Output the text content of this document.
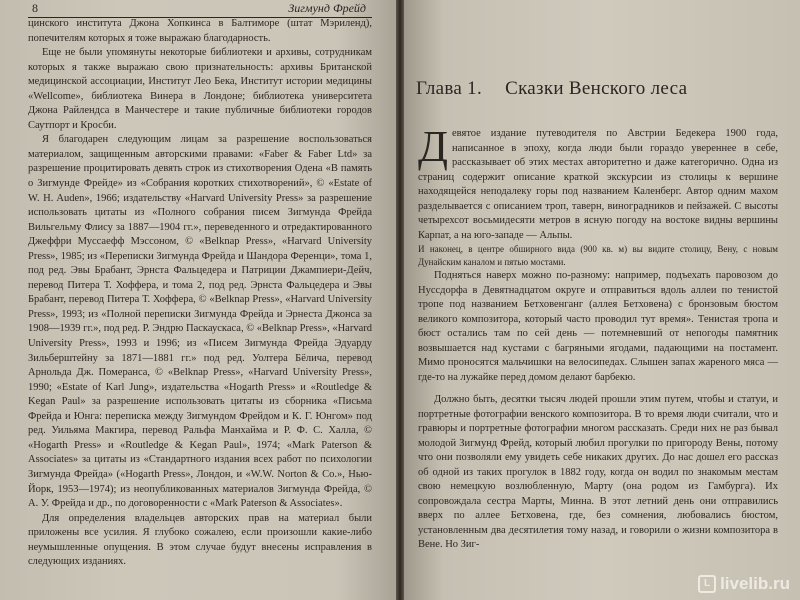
8	Зигмунд Фрейд

цинского института Джона Хопкинса в Балтиморе (штат Мэриленд), попечителям которых я тоже выражаю благодарность.

Еще не были упомянуты некоторые библиотеки и архивы, сотрудникам которых я также выражаю свою признательность: архивы Британской медицинской ассоциации, Институт Лео Бека, Институт истории медицины «Wellcome», библиотека Винера в Лондоне; библиотека университета Джона Райлендса в Манчестере и такие публичные библиотеки городов Саутпорт и Кросби.

Я благодарен следующим лицам за разрешение воспользоваться материалом, защищенным авторскими правами: «Faber & Faber Ltd» за разрешение процитировать девять строк из стихотворения Одена «В память о Зигмунде Фрейде» из «Собрания коротких стихотворений», © «Estate of W. H. Auden», 1966; издательству «Harvard University Press» за разрешение использовать цитаты из «Полного собрания писем Зигмунда Фрейда Вильгельму Флису за 1887—1904 гг.», переведенного и отредактированного Джеффри Муссаефф Мэссоном, © «Belknap Press», «Harvard University Press», 1985; из «Переписки Зигмунда Фрейда и Шандора Ференци», тома 1, под ред. Эвы Брабант, Эрнста Фальцедера и Патриции Джампиери-Дейч, перевод Питера Т. Хоффера, и тома 2, под ред. Эрнста Фальцедера и Эвы Брабант, перевод Питера Т. Хоффера, © «Belknap Press», «Harvard University Press», 1993; из «Полной переписки Зигмунда Фрейда и Эрнеста Джонса за 1908—1939 гг.», под ред. Р. Эндрю Паскаускаса, © «Belknap Press», «Harvard University Press», 1993 и 1996; из «Писем Зигмунда Фрейда Эдуарду Зильберштейну за 1871—1881 гг.» под ред. Уолтера Бёлича, перевод Арнольда Дж. Померанса, © «Belknap Press», «Harvard University Press», 1990; «Estate of Karl Jung», издательства «Hogarth Press» и «Routledge & Kegan Paul» за разрешение использовать цитаты из сборника «Письма Фрейда и Юнга: переписка между Зигмундом Фрейдом и К. Г. Юнгом» под ред. Уильяма Макгира, перевод Ральфа Манхайма и Р. Ф. С. Халла, © «Hogarth Press» и «Routledge & Kegan Paul», 1974; «Mark Paterson & Associates» за цитаты из «Стандартного издания всех работ по психологии Зигмунда Фрейда» («Hogarth Press», Лондон, и «W.W. Norton & Co.», Нью-Йорк, 1953—1974); из неопубликованных материалов Зигмунда Фрейда, © А. У. Фрейда и др., по договоренности с «Mark Paterson & Associates».

Для определения владельцев авторских прав на материал были приложены все усилия. Я глубоко сожалею, если произошли какие-либо неумышленные опущения. В этом случае будут внесены исправления в следующих изданиях.

Глава 1. Сказки Венского леса

Девятое издание путеводителя по Австрии Бедекера 1900 года, написанное в эпоху, когда люди были гораздо увереннее в себе, рассказывает об этих местах авторитетно и даже категорично. Одна из страниц содержит описание краткой экскурсии из столицы к вершине находящейся неподалеку горы под названием Каленберг. Автор одним махом разделывается с описанием троп, таверн, виноградников и пейзажей. С высоты четырехсот восьмидесяти метров в ясную погоду на востоке видны вершины Карпат, а на юго-западе — Альпы.

И наконец, в центре обширного вида (900 кв. м) вы видите столицу, Вену, с новым Дунайским каналом и пятью мостами.

Подняться наверх можно по-разному: например, подъехать паровозом до Нуссдорфа в Девятнадцатом округе и отправиться вдоль аллеи по тенистой тропе под названием Бетховенганг (аллея Бетховена) с бронзовым бюстом великого композитора, который часто проводил тут время». Тенистая тропа и бюст остались там по сей день — потемневший от непогоды памятник возвышается над кустами с багряными ягодами, падающими на постамент. Мимо проносятся мальчишки на велосипедах. Слышен запах жареного мяса — где-то на лужайке перед домом делают барбекю.

Должно быть, десятки тысяч людей прошли этим путем, чтобы и статуи, и портретные фотографии венского композитора. В то время люди считали, что и гравюры и портретные фотографии многом рассказать. Среди них не раз бывал молодой Зигмунд Фрейд, который любил прогулки по пригороду Вены, потому что они позволяли ему увидеть себе никаких других. До нас дошел его рассказ об одной из таких прогулок в 1882 году, когда он водил по знакомым местам свою немецкую возлюбленную, Марту (она родом из Гамбурга). Их сопровождала сестра Марты, Минна. В этот летний день они отправились вверх по аллее Бетховена, где, без сомнения, любовались бюстом, установленным два десятилетия тому назад, и говорили о жизни композитора в Вене. Но Зиг-

L livelib.ru
